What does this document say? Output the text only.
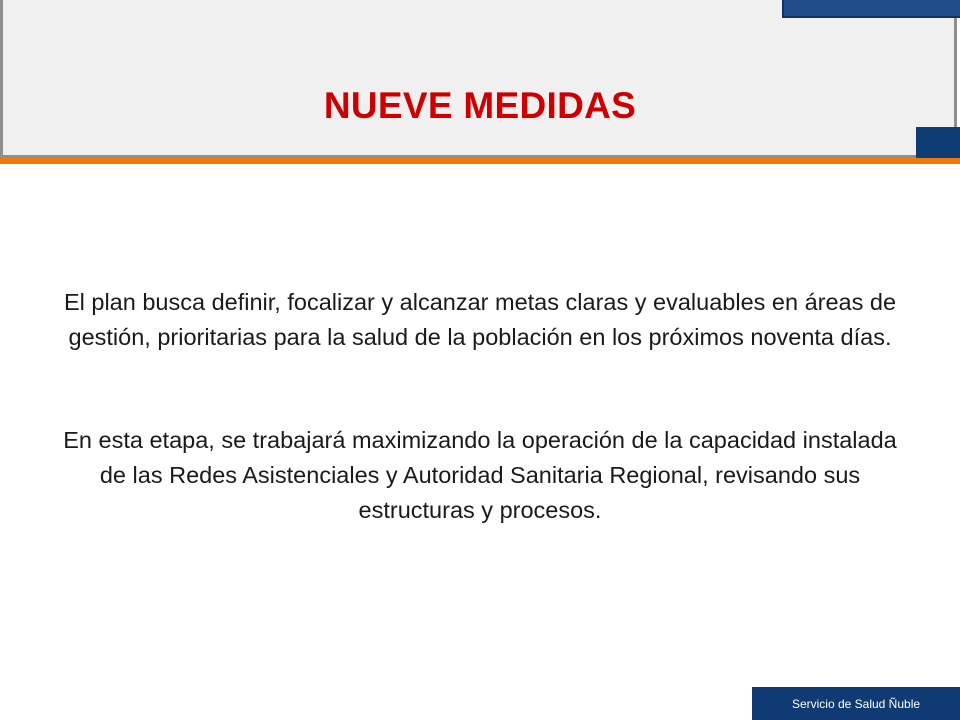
NUEVE MEDIDAS

El plan busca definir, focalizar y alcanzar metas claras y evaluables en áreas de gestión, prioritarias para la salud de la población en los próximos noventa días.

En esta etapa, se trabajará maximizando la operación de la capacidad instalada de las Redes Asistenciales y Autoridad Sanitaria Regional, revisando sus estructuras y procesos.

Servicio de Salud Ñuble
